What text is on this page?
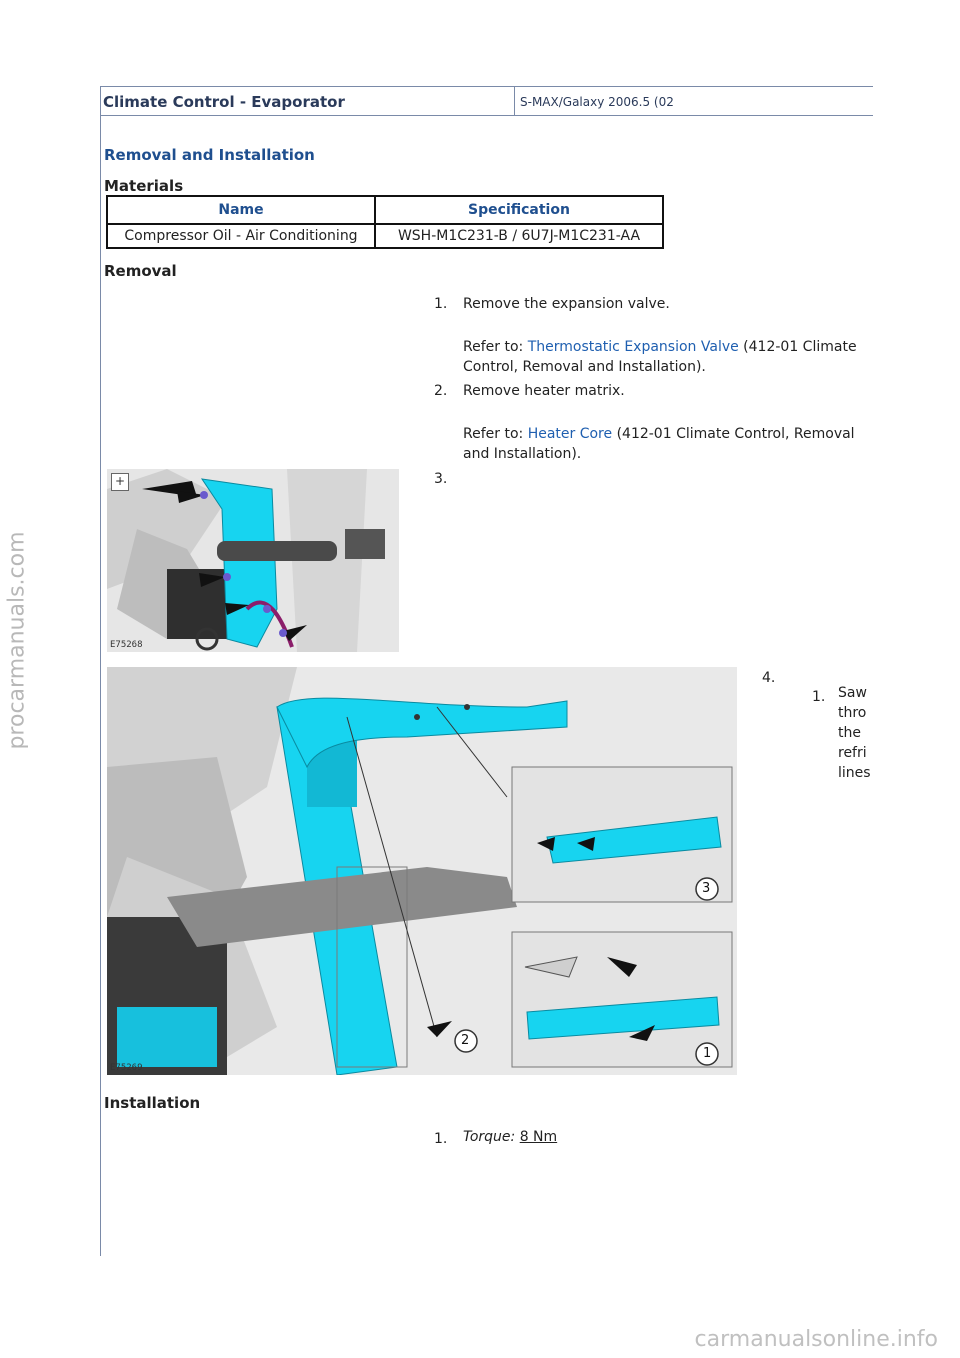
procarmanuals.com
Climate Control - Evaporator	S-MAX/Galaxy 2006.5 (02
Removal and Installation
Materials
Name	Specification
Compressor Oil - Air Conditioning	WSH-M1C231-B / 6U7J-M1C231-AA
Removal
1. Remove the expansion valve.
Refer to: Thermostatic Expansion Valve (412-01 Climate Control, Removal and Installation).
2. Remove heater matrix.
Refer to: Heater Core (412-01 Climate Control, Removal and Installation).
3.
+
E75268
3
2
1
E75269
4.
1. Saw
thro
the
refri
lines
Installation
1. Torque: 8 Nm
carmanualsonline.info
